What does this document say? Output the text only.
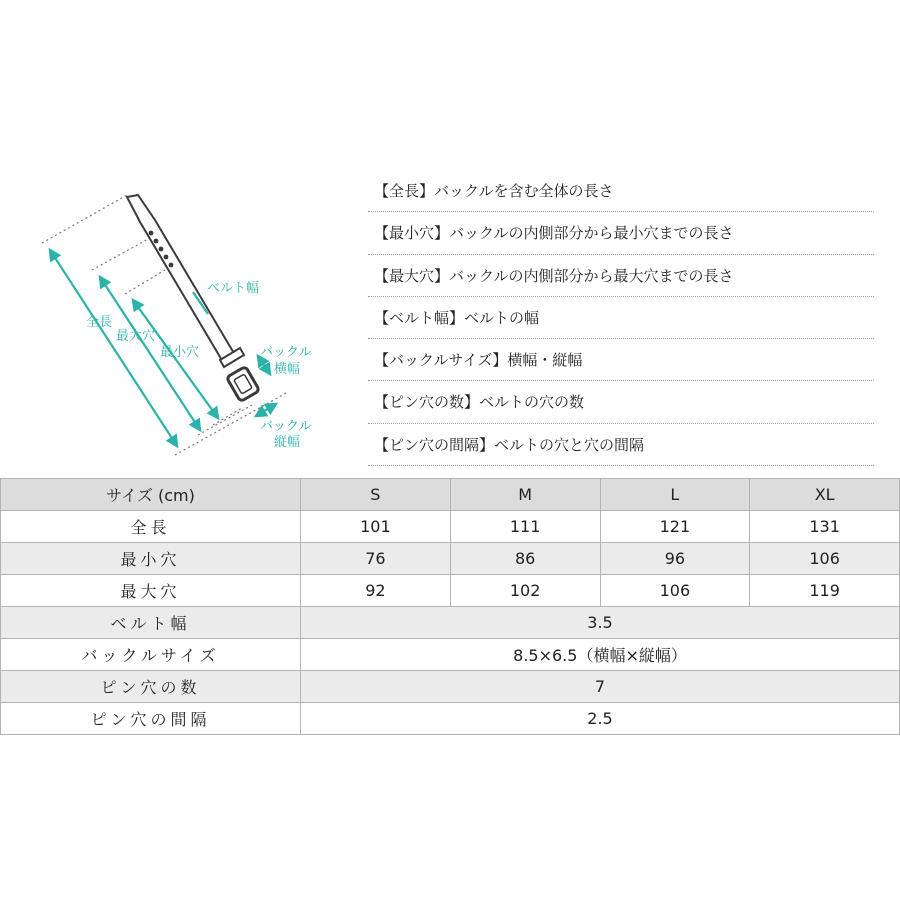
全長
最大穴
最小穴
ベルト幅
バックル
横幅
バックル
縦幅
【全長】バックルを含む全体の長さ
【最小穴】バックルの内側部分から最小穴までの長さ
【最大穴】バックルの内側部分から最大穴までの長さ
【ベルト幅】ベルトの幅
【バックルサイズ】横幅・縦幅
【ピン穴の数】ベルトの穴の数
【ピン穴の間隔】ベルトの穴と穴の間隔
サイズ (cm)	S	M	L	XL
全長	101	111	121	131
最小穴	76	86	96	106
最大穴	92	102	106	119
ベルト幅	3.5			
バックルサイズ	8.5×6.5（横幅×縦幅）			
ピン穴の数	7			
ピン穴の間隔	2.5			
